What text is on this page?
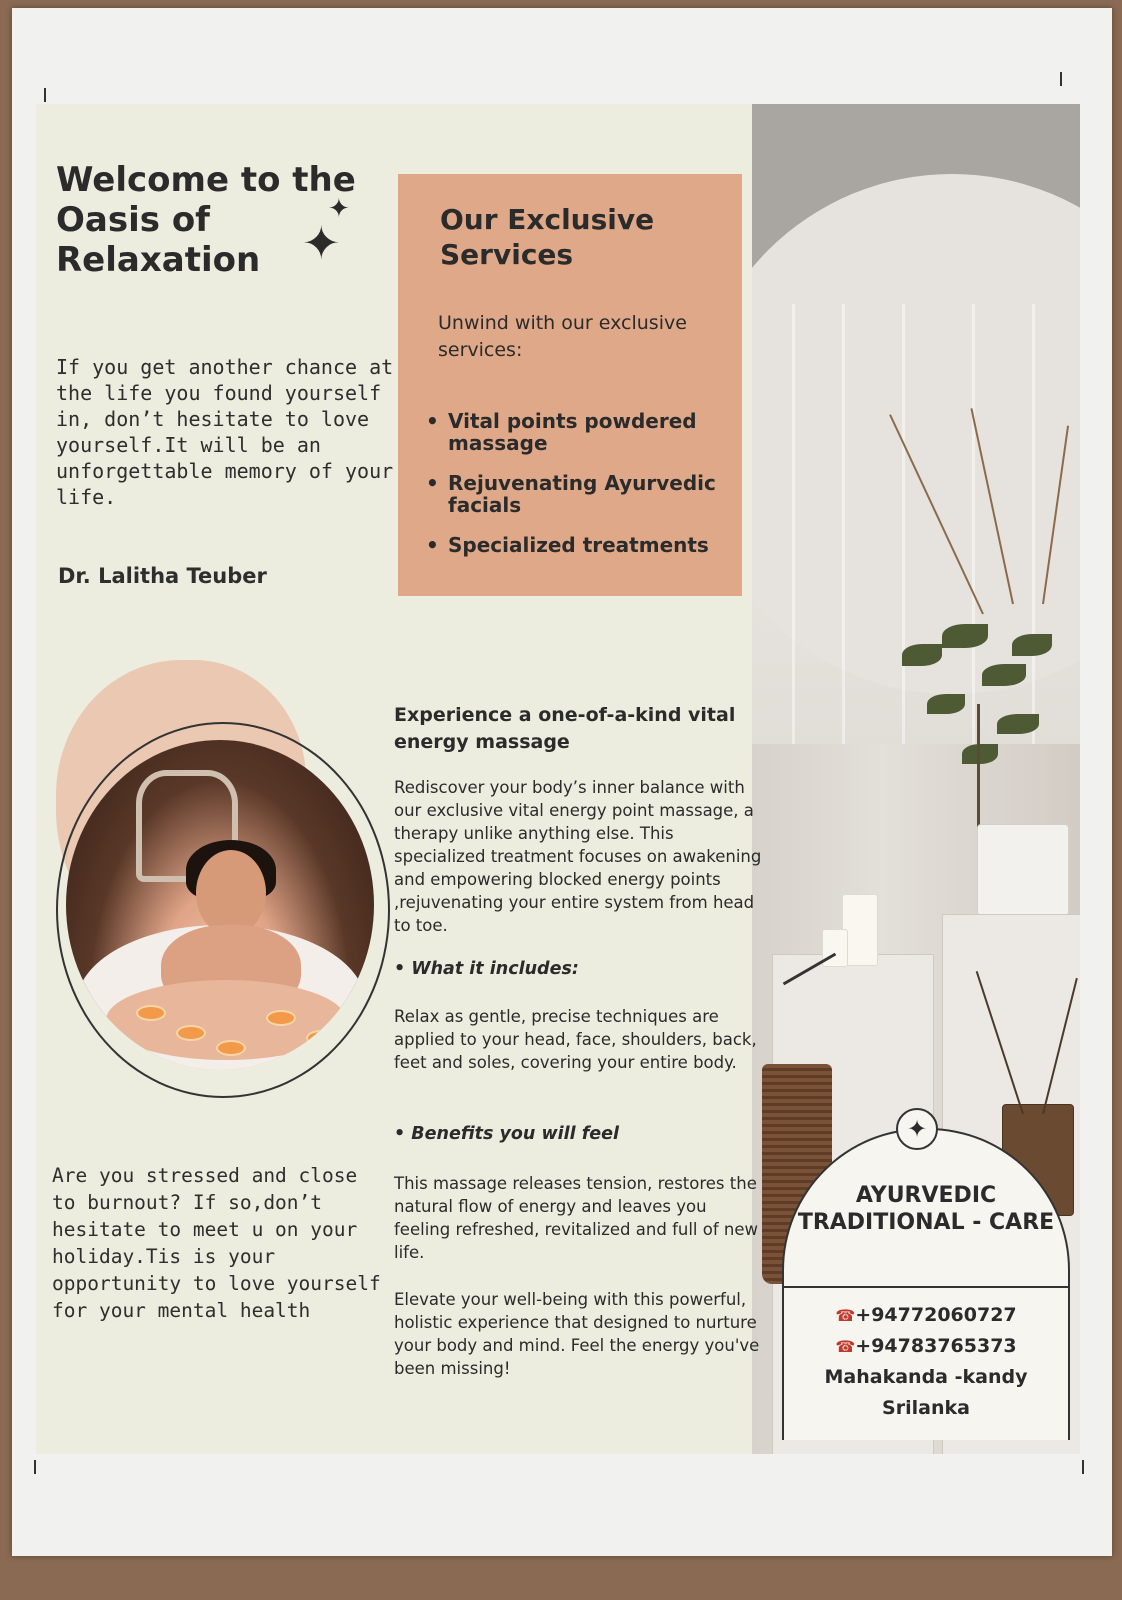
Welcome to the Oasis of Relaxation
✦
✦
If you get another chance at the life you found yourself in, don’t hesitate to love yourself.It will be an unforgettable memory of your life.
Dr. Lalitha Teuber
Our Exclusive Services
Unwind with our exclusive services:
• Vital points powdered massage
• Rejuvenating Ayurvedic facials
• Specialized treatments
Experience a one-of-a-kind vital energy massage
Rediscover your body’s inner balance with our exclusive vital energy point massage, a therapy unlike anything else. This specialized treatment focuses on awakening and empowering blocked energy points ,rejuvenating your entire system from head to toe.
• What it includes:
Relax as gentle, precise techniques are applied to your head, face, shoulders, back, feet and soles, covering your entire body.
• Benefits you will feel
This massage releases tension, restores the natural flow of energy and leaves you feeling refreshed, revitalized and full of new life.
Elevate your well-being with this powerful, holistic experience that designed to nurture your body and mind. Feel the energy you've been missing!
Are you stressed and close to burnout? If so,don’t hesitate to meet u on your holiday.Tis is your opportunity to love yourself for your mental health
AYURVEDIC TRADITIONAL - CARE
☎+94772060727
☎+94783765373
Mahakanda -kandy
Srilanka
✦
